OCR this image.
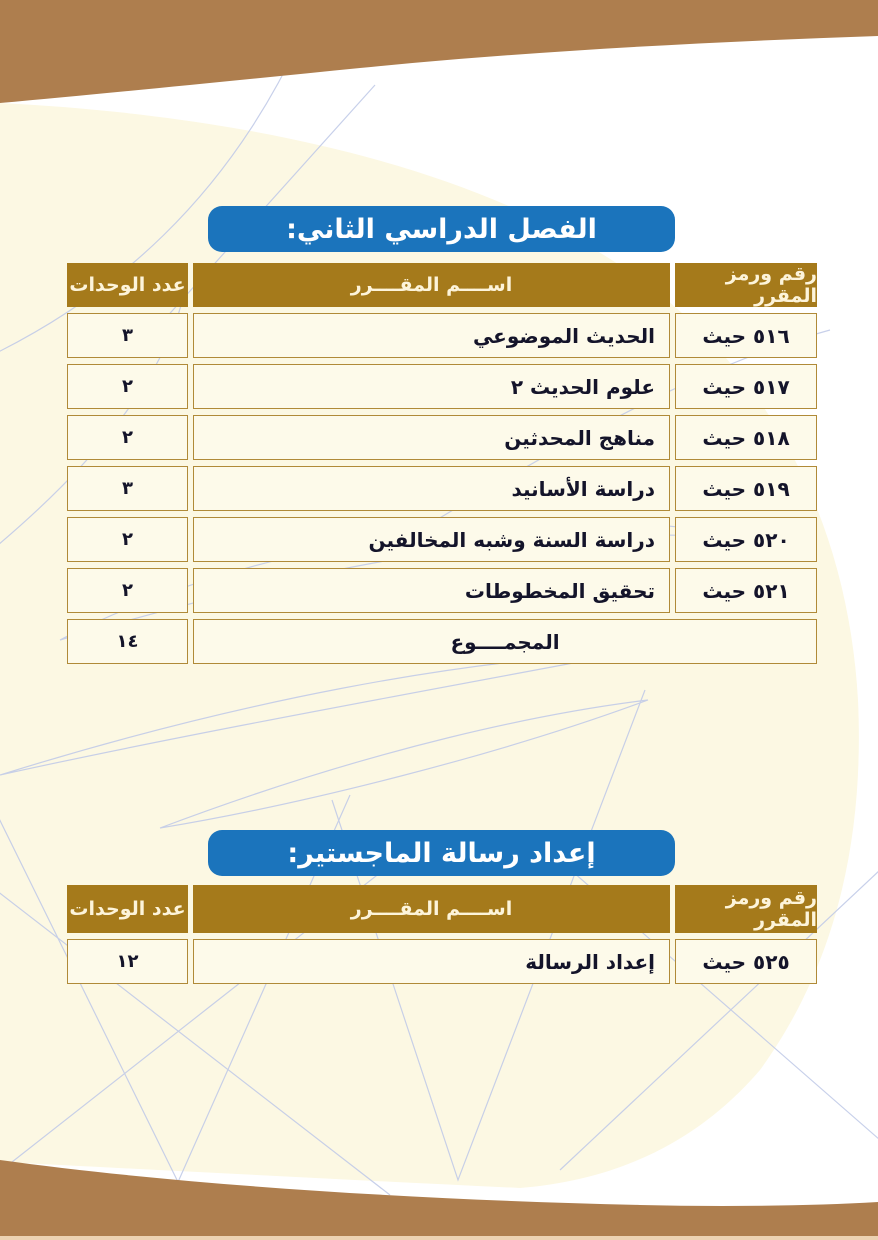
الفصل الدراسي الثاني:
رقم ورمز المقرر
اســــم المقــــرر
عدد الوحدات
٥١٦ حيث
الحديث الموضوعي
٣
٥١٧ حيث
علوم الحديث ٢
٢
٥١٨ حيث
مناهج المحدثين
٢
٥١٩ حيث
دراسة الأسانيد
٣
٥٢٠ حيث
دراسة السنة وشبه المخالفين
٢
٥٢١ حيث
تحقيق المخطوطات
٢
المجمــــوع
١٤
إعداد رسالة الماجستير:
رقم ورمز المقرر
اســــم المقــــرر
عدد الوحدات
٥٢٥ حيث
إعداد الرسالة
١٢
